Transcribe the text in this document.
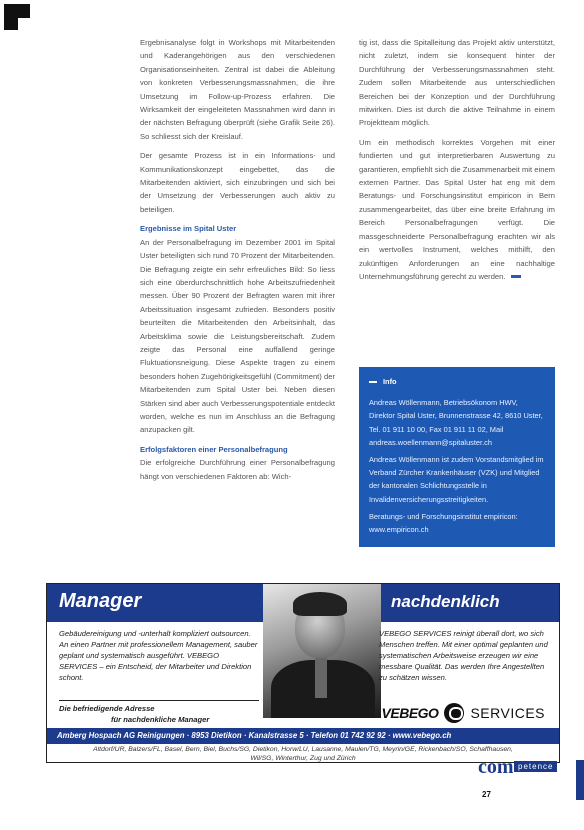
Ergebnisanalyse folgt in Workshops mit Mitarbeitenden und Kaderangehörigen aus den verschiedenen Organisationseinheiten. Zentral ist dabei die Ableitung von konkreten Verbesserungsmassnahmen, die ihre Umsetzung im Follow-up-Prozess erfahren. Die Wirksamkeit der eingeleiteten Massnahmen wird dann in der nächsten Befragung überprüft (siehe Grafik Seite 26). So schliesst sich der Kreislauf.

Der gesamte Prozess ist in ein Informations- und Kommunikationskonzept eingebettet, das die Mitarbeitenden aktiviert, sich einzubringen und sich bei der Umsetzung der Verbesserungen auch aktiv zu beteiligen.

Ergebnisse im Spital Uster

An der Personalbefragung im Dezember 2001 im Spital Uster beteiligten sich rund 70 Prozent der Mitarbeitenden. Die Befragung zeigte ein sehr erfreuliches Bild: So liess sich eine überdurchschnittlich hohe Arbeitszufriedenheit messen. Über 90 Prozent der Befragten waren mit ihrer Arbeitssituation insgesamt zufrieden. Besonders positiv beurteilten die Mitarbeitenden den Arbeitsinhalt, das Arbeitsklima sowie die Leistungsbereitschaft. Zudem zeigte das Personal eine auffallend geringe Fluktuationsneigung. Diese Aspekte tragen zu einem besonders hohen Zugehörigkeitsgefühl (Commitment) der Mitarbeitenden zum Spital Uster bei. Neben diesen Stärken sind aber auch Verbesserungspotentiale entdeckt worden, welche es nun im Anschluss an die Befragung anzupacken gilt.

Erfolgsfaktoren einer Personalbefragung

Die erfolgreiche Durchführung einer Personalbefragung hängt von verschiedenen Faktoren ab: Wich-

tig ist, dass die Spitalleitung das Projekt aktiv unterstützt, nicht zuletzt, indem sie konsequent hinter der Durchführung der Verbesserungsmassnahmen steht. Zudem sollen Mitarbeitende aus unterschiedlichen Bereichen bei der Konzeption und der Durchführung mitwirken. Dies ist durch die aktive Teilnahme in einem Projektteam möglich.

Um ein methodisch korrektes Vorgehen mit einer fundierten und gut interpretierbaren Auswertung zu garantieren, empfiehlt sich die Zusammenarbeit mit einem externen Partner. Das Spital Uster hat eng mit dem Beratungs- und Forschungsinstitut empiricon in Bern zusammengearbeitet, das über eine breite Erfahrung im Bereich Personalbefragungen verfügt. Die massgeschneiderte Personalbefragung erachten wir als ein wertvolles Instrument, welches mithilft, den zukünftigen Anforderungen an eine nachhaltige Unternehmungsführung gerecht zu werden.

Info

Andreas Wöllenmann, Betriebsökonom HWV, Direktor Spital Uster, Brunnenstrasse 42, 8610 Uster, Tel. 01 911 10 00, Fax 01 911 11 02, Mail andreas.woellenmann@spitaluster.ch

Andreas Wöllenmann ist zudem Vorstandsmitglied im Verband Zürcher Krankenhäuser (VZK) und Mitglied der kantonalen Schlichtungsstelle in Invalidenversicherungsstreitigkeiten.

Beratungs- und Forschungsinstitut empiricon: www.empiricon.ch

Manager	nachdenklich
Gebäudereinigung und -unterhalt kompliziert outsourcen. An einen Partner mit professionellem Management, sauber geplant und systematisch ausgeführt. VEBEGO SERVICES – ein Entscheid, der Mitarbeiter und Direktion schont.
Die befriedigende Adresse
für nachdenkliche Manager
VEBEGO SERVICES reinigt überall dort, wo sich Menschen treffen. Mit einer optimal geplanten und systematischen Arbeitsweise erzeugen wir eine messbare Qualität. Das werden Ihre Angestellten zu schätzen wissen.
VEBEGO SERVICES
Amberg Hospach AG Reinigungen · 8953 Dietikon · Kanalstrasse 5 · Telefon 01 742 92 92 · www.vebego.ch
Altdorf/UR, Balzers/FL, Basel, Bern, Biel, Buchs/SG, Dietikon, Horw/LU, Lausanne, Maulen/TG, Meyrin/GE, Rickenbach/SO, Schaffhausen, Wil/SG, Winterthur, Zug und Zürich	com petence
27
